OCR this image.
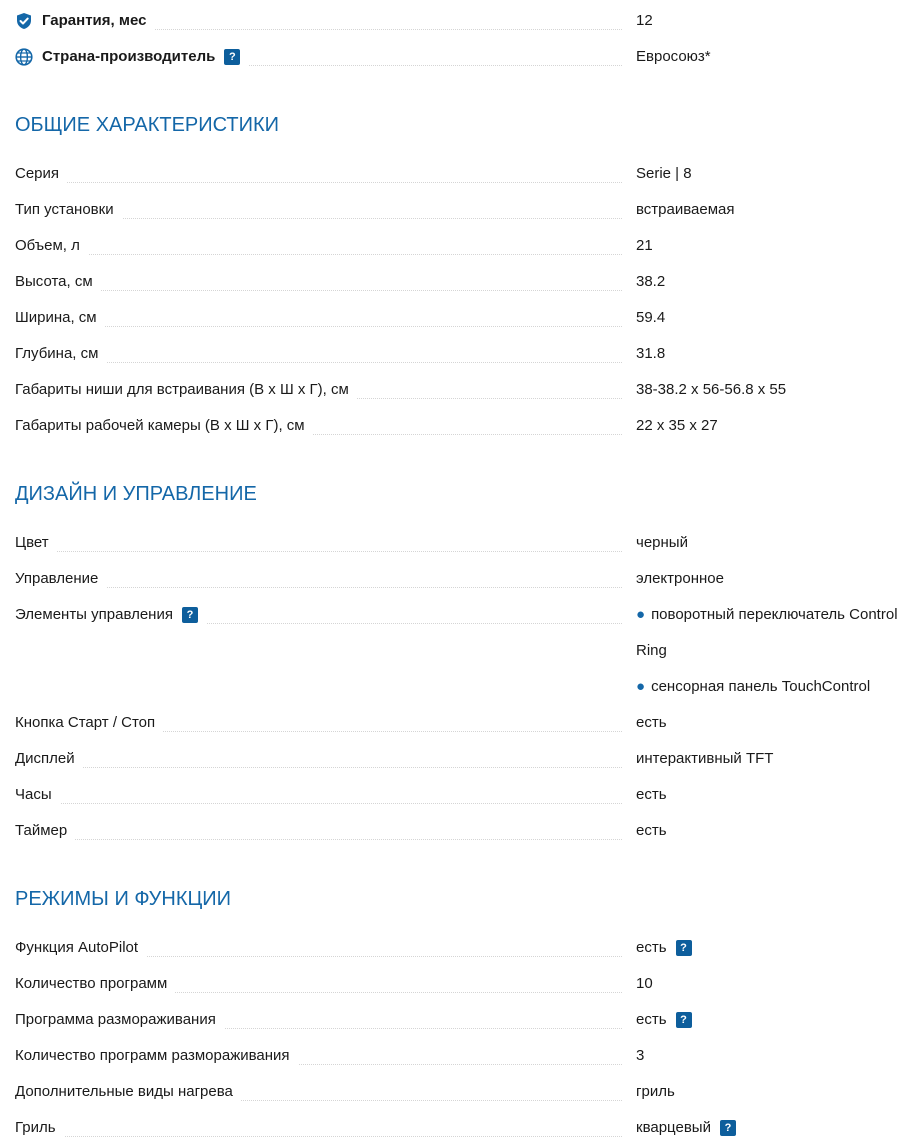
Гарантия, мес	12
Страна-производитель	?	Евросоюз*
ОБЩИЕ ХАРАКТЕРИСТИКИ
Серия	Serie | 8
Тип установки	встраиваемая
Объем, л	21
Высота, см	38.2
Ширина, см	59.4
Глубина, см	31.8
Габариты ниши для встраивания (В х Ш х Г), см	38-38.2 x 56-56.8 x 55
Габариты рабочей камеры (В х Ш х Г), см	22 x 35 x 27
ДИЗАЙН И УПРАВЛЕНИЕ
Цвет	черный
Управление	электронное
Элементы управления	?	● поворотный переключатель Control
Ring
● сенсорная панель TouchControl
Кнопка Старт / Стоп	есть
Дисплей	интерактивный TFT
Часы	есть
Таймер	есть
РЕЖИМЫ И ФУНКЦИИ
Функция AutoPilot	есть	?
Количество программ	10
Программа размораживания	есть	?
Количество программ размораживания	3
Дополнительные виды нагрева	гриль
Гриль	кварцевый	?
